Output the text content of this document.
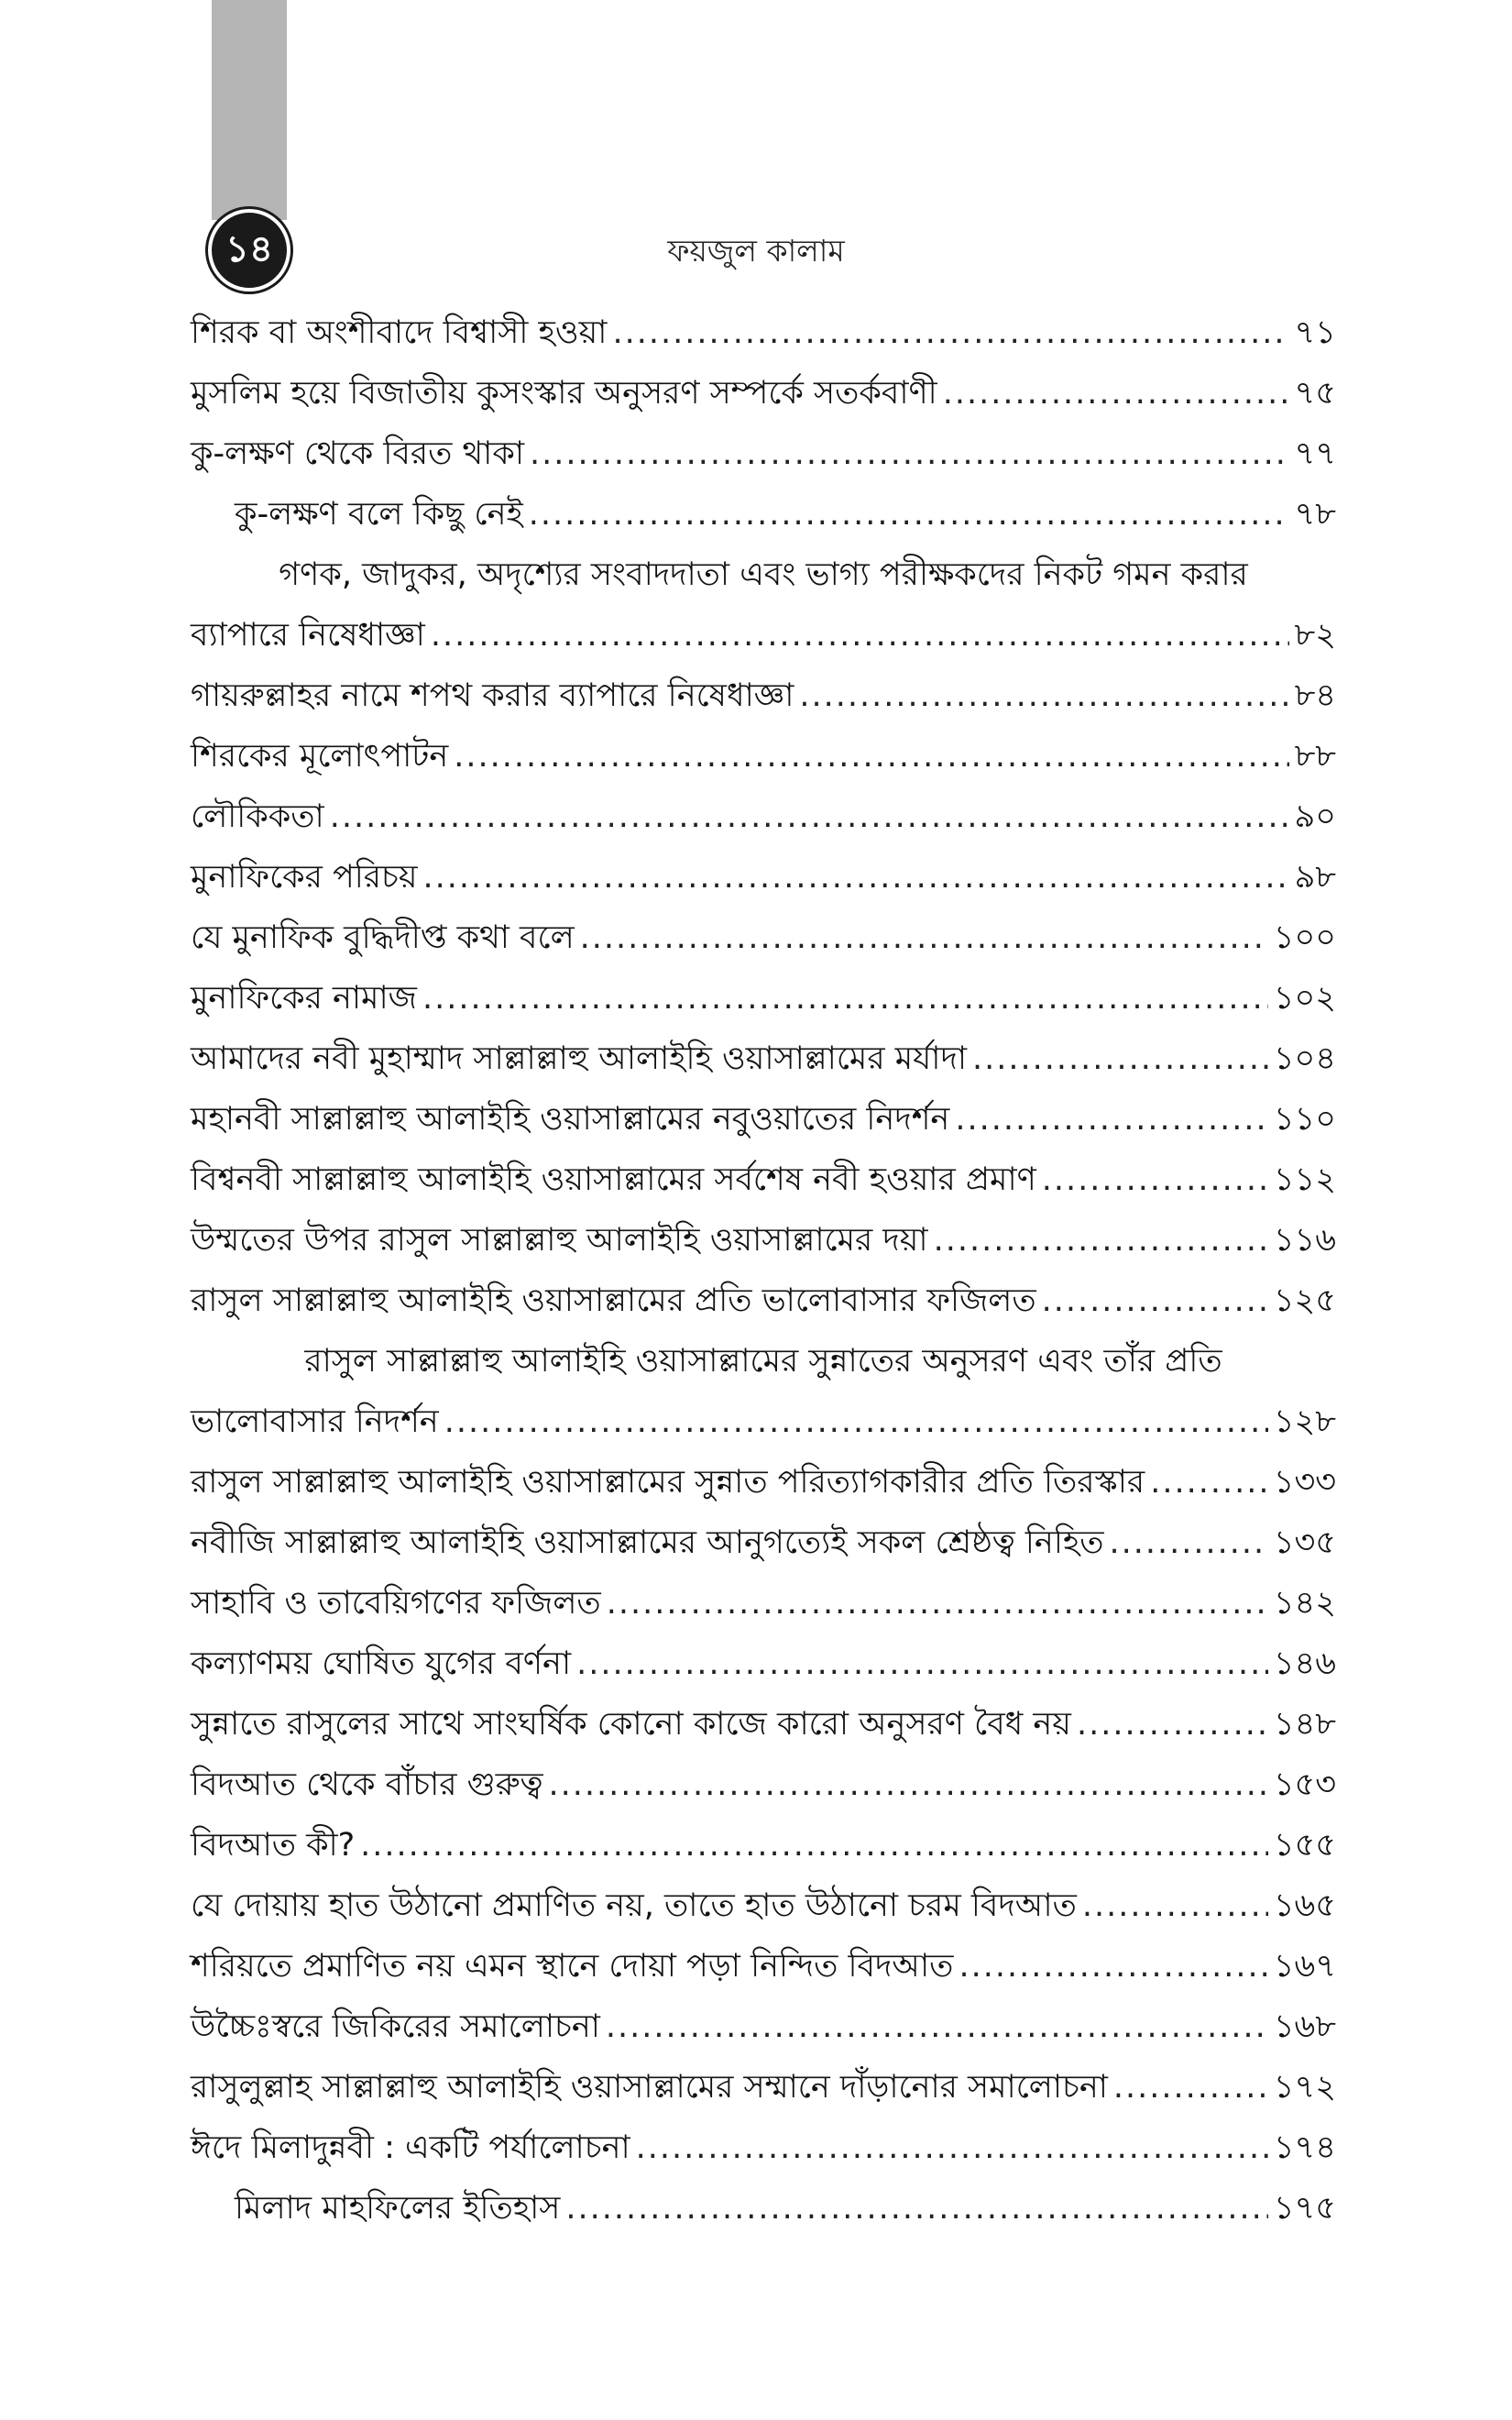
১৪	ফয়জুল কালাম
শিরক বা অংশীবাদে বিশ্বাসী হওয়া .....	৭১
মুসলিম হয়ে বিজাতীয় কুসংস্কার অনুসরণ সম্পর্কে সতর্কবাণী .....	৭৫
কু-লক্ষণ থেকে বিরত থাকা .....	৭৭
কু-লক্ষণ বলে কিছু নেই .....	৭৮
গণক, জাদুকর, অদৃশ্যের সংবাদদাতা এবং ভাগ্য পরীক্ষকদের নিকট গমন করার
ব্যাপারে নিষেধাজ্ঞা .....	৮২
গায়রুল্লাহর নামে শপথ করার ব্যাপারে নিষেধাজ্ঞা .....	৮৪
শিরকের মূলোৎপাটন .....	৮৮
লৌকিকতা .....	৯০
মুনাফিকের পরিচয় .....	৯৮
যে মুনাফিক বুদ্ধিদীপ্ত কথা বলে .....	১০০
মুনাফিকের নামাজ .....	১০২
আমাদের নবী মুহাম্মাদ সাল্লাল্লাহু আলাইহি ওয়াসাল্লামের মর্যাদা .....	১০৪
মহানবী সাল্লাল্লাহু আলাইহি ওয়াসাল্লামের নবুওয়াতের নিদর্শন .....	১১০
বিশ্বনবী সাল্লাল্লাহু আলাইহি ওয়াসাল্লামের সর্বশেষ নবী হওয়ার প্রমাণ .....	১১২
উম্মতের উপর রাসুল সাল্লাল্লাহু আলাইহি ওয়াসাল্লামের দয়া .....	১১৬
রাসুল সাল্লাল্লাহু আলাইহি ওয়াসাল্লামের প্রতি ভালোবাসার ফজিলত .....	১২৫
রাসুল সাল্লাল্লাহু আলাইহি ওয়াসাল্লামের সুন্নাতের অনুসরণ এবং তাঁর প্রতি
ভালোবাসার নিদর্শন .....	১২৮
রাসুল সাল্লাল্লাহু আলাইহি ওয়াসাল্লামের সুন্নাত পরিত্যাগকারীর প্রতি তিরস্কার .....	১৩৩
নবীজি সাল্লাল্লাহু আলাইহি ওয়াসাল্লামের আনুগত্যেই সকল শ্রেষ্ঠত্ব নিহিত .....	১৩৫
সাহাবি ও তাবেয়িগণের ফজিলত .....	১৪২
কল্যাণময় ঘোষিত যুগের বর্ণনা .....	১৪৬
সুন্নাতে রাসুলের সাথে সাংঘর্ষিক কোনো কাজে কারো অনুসরণ বৈধ নয় .....	১৪৮
বিদআত থেকে বাঁচার গুরুত্ব .....	১৫৩
বিদআত কী? .....	১৫৫
যে দোয়ায় হাত উঠানো প্রমাণিত নয়, তাতে হাত উঠানো চরম বিদআত .....	১৬৫
শরিয়তে প্রমাণিত নয় এমন স্থানে দোয়া পড়া নিন্দিত বিদআত .....	১৬৭
উচ্চৈঃস্বরে জিকিরের সমালোচনা .....	১৬৮
রাসুলুল্লাহ সাল্লাল্লাহু আলাইহি ওয়াসাল্লামের সম্মানে দাঁড়ানোর সমালোচনা .....	১৭২
ঈদে মিলাদুন্নবী : একটি পর্যালোচনা .....	১৭৪
মিলাদ মাহফিলের ইতিহাস .....	১৭৫
